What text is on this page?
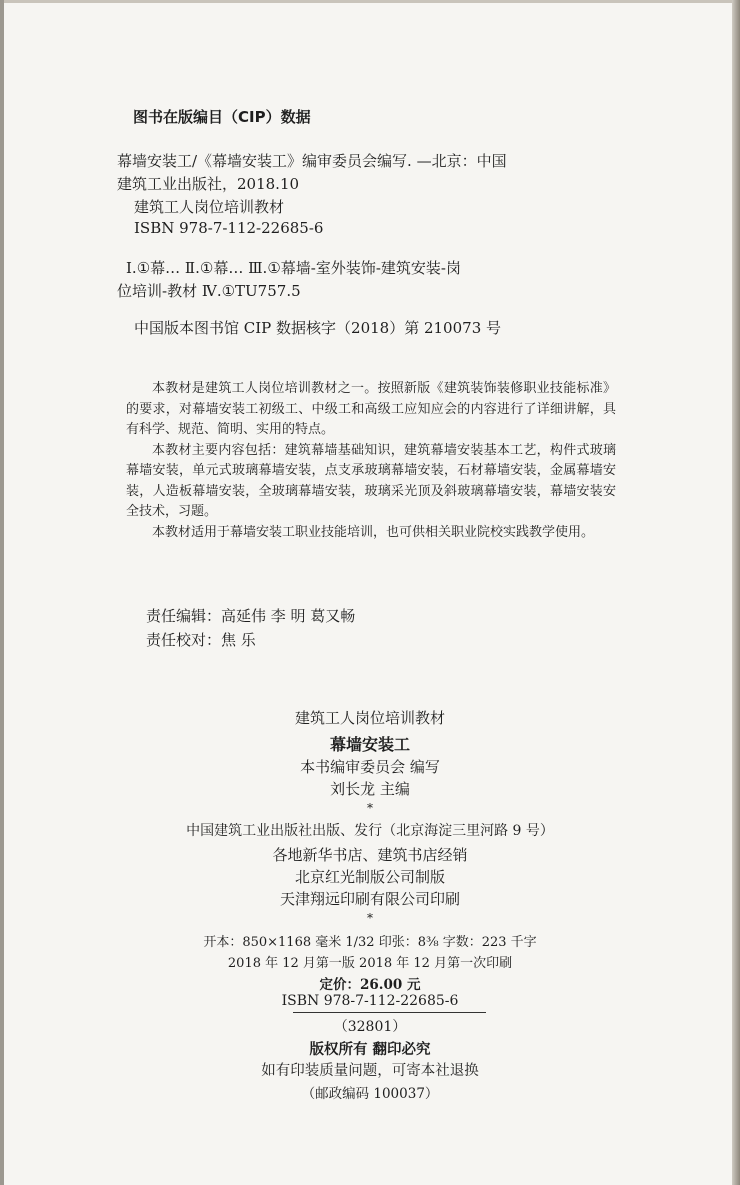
图书在版编目（CIP）数据
幕墙安装工/《幕墙安装工》编审委员会编写. —北京：中国
建筑工业出版社，2018.10
建筑工人岗位培训教材
ISBN 978-7-112-22685-6
Ⅰ.①幕… Ⅱ.①幕… Ⅲ.①幕墙-室外装饰-建筑安装-岗
位培训-教材 Ⅳ.①TU757.5
中国版本图书馆 CIP 数据核字（2018）第 210073 号

本教材是建筑工人岗位培训教材之一。按照新版《建筑装饰装修职业技能标准》的要求，对幕墙安装工初级工、中级工和高级工应知应会的内容进行了详细讲解，具有科学、规范、简明、实用的特点。

本教材主要内容包括：建筑幕墙基础知识，建筑幕墙安装基本工艺，构件式玻璃幕墙安装，单元式玻璃幕墙安装，点支承玻璃幕墙安装，石材幕墙安装，金属幕墙安装，人造板幕墙安装，全玻璃幕墙安装，玻璃采光顶及斜玻璃幕墙安装，幕墙安装安全技术，习题。

本教材适用于幕墙安装工职业技能培训，也可供相关职业院校实践教学使用。

责任编辑：高延伟 李 明 葛又畅
责任校对：焦 乐
建筑工人岗位培训教材
幕墙安装工
本书编审委员会 编写
刘长龙 主编
*
中国建筑工业出版社出版、发行（北京海淀三里河路 9 号）
各地新华书店、建筑书店经销
北京红光制版公司制版
天津翔远印刷有限公司印刷
*
开本：850×1168 毫米 1/32 印张：8⅜ 字数：223 千字
2018 年 12 月第一版 2018 年 12 月第一次印刷
定价：26.00 元
ISBN 978-7-112-22685-6
（32801）
版权所有 翻印必究
如有印装质量问题，可寄本社退换
（邮政编码 100037）
